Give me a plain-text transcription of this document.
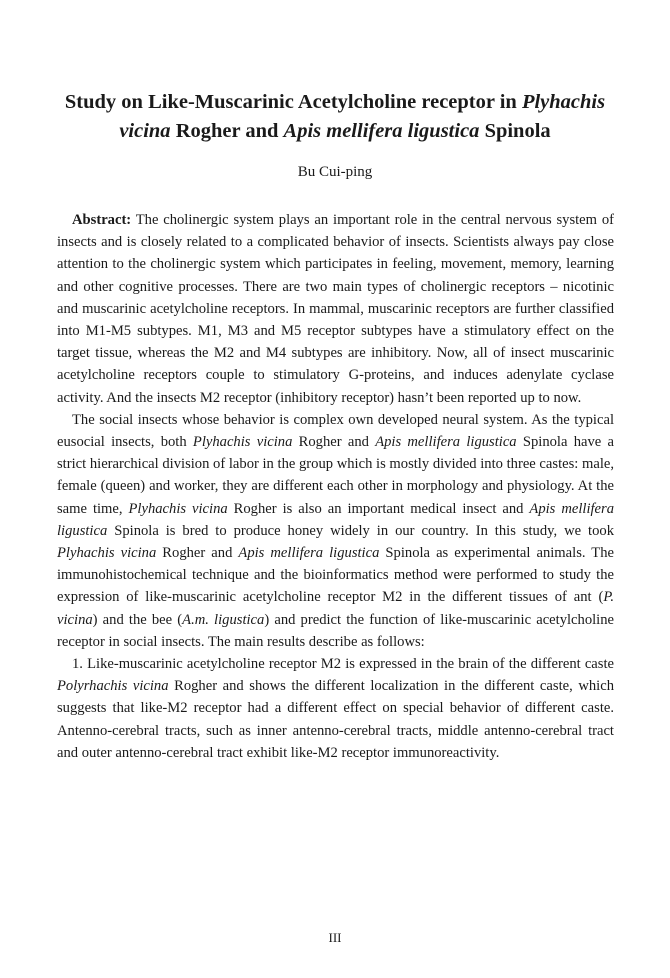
Study on Like-Muscarinic Acetylcholine receptor in Plyhachis vicina Rogher and Apis mellifera ligustica Spinola
Bu Cui-ping

Abstract: The cholinergic system plays an important role in the central nervous system of insects and is closely related to a complicated behavior of insects. Scientists always pay close attention to the cholinergic system which participates in feeling, movement, memory, learning and other cognitive processes. There are two main types of cholinergic receptors – nicotinic and muscarinic acetylcholine receptors. In mammal, muscarinic receptors are further classified into M1-M5 subtypes. M1, M3 and M5 receptor subtypes have a stimulatory effect on the target tissue, whereas the M2 and M4 subtypes are inhibitory. Now, all of insect muscarinic acetylcholine receptors couple to stimulatory G-proteins, and induces adenylate cyclase activity. And the insects M2 receptor (inhibitory receptor) hasn’t been reported up to now.

The social insects whose behavior is complex own developed neural system. As the typical eusocial insects, both Plyhachis vicina Rogher and Apis mellifera ligustica Spinola have a strict hierarchical division of labor in the group which is mostly divided into three castes: male, female (queen) and worker, they are different each other in morphology and physiology. At the same time, Plyhachis vicina Rogher is also an important medical insect and Apis mellifera ligustica Spinola is bred to produce honey widely in our country. In this study, we took Plyhachis vicina Rogher and Apis mellifera ligustica Spinola as experimental animals. The immunohistochemical technique and the bioinformatics method were performed to study the expression of like-muscarinic acetylcholine receptor M2 in the different tissues of ant (P. vicina) and the bee (A.m. ligustica) and predict the function of like-muscarinic acetylcholine receptor in social insects. The main results describe as follows:

1. Like-muscarinic acetylcholine receptor M2 is expressed in the brain of the different caste Polyrhachis vicina Rogher and shows the different localization in the different caste, which suggests that like-M2 receptor had a different effect on special behavior of different caste. Antenno-cerebral tracts, such as inner antenno-cerebral tracts, middle antenno-cerebral tract and outer antenno-cerebral tract exhibit like-M2 receptor immunoreactivity.

III
